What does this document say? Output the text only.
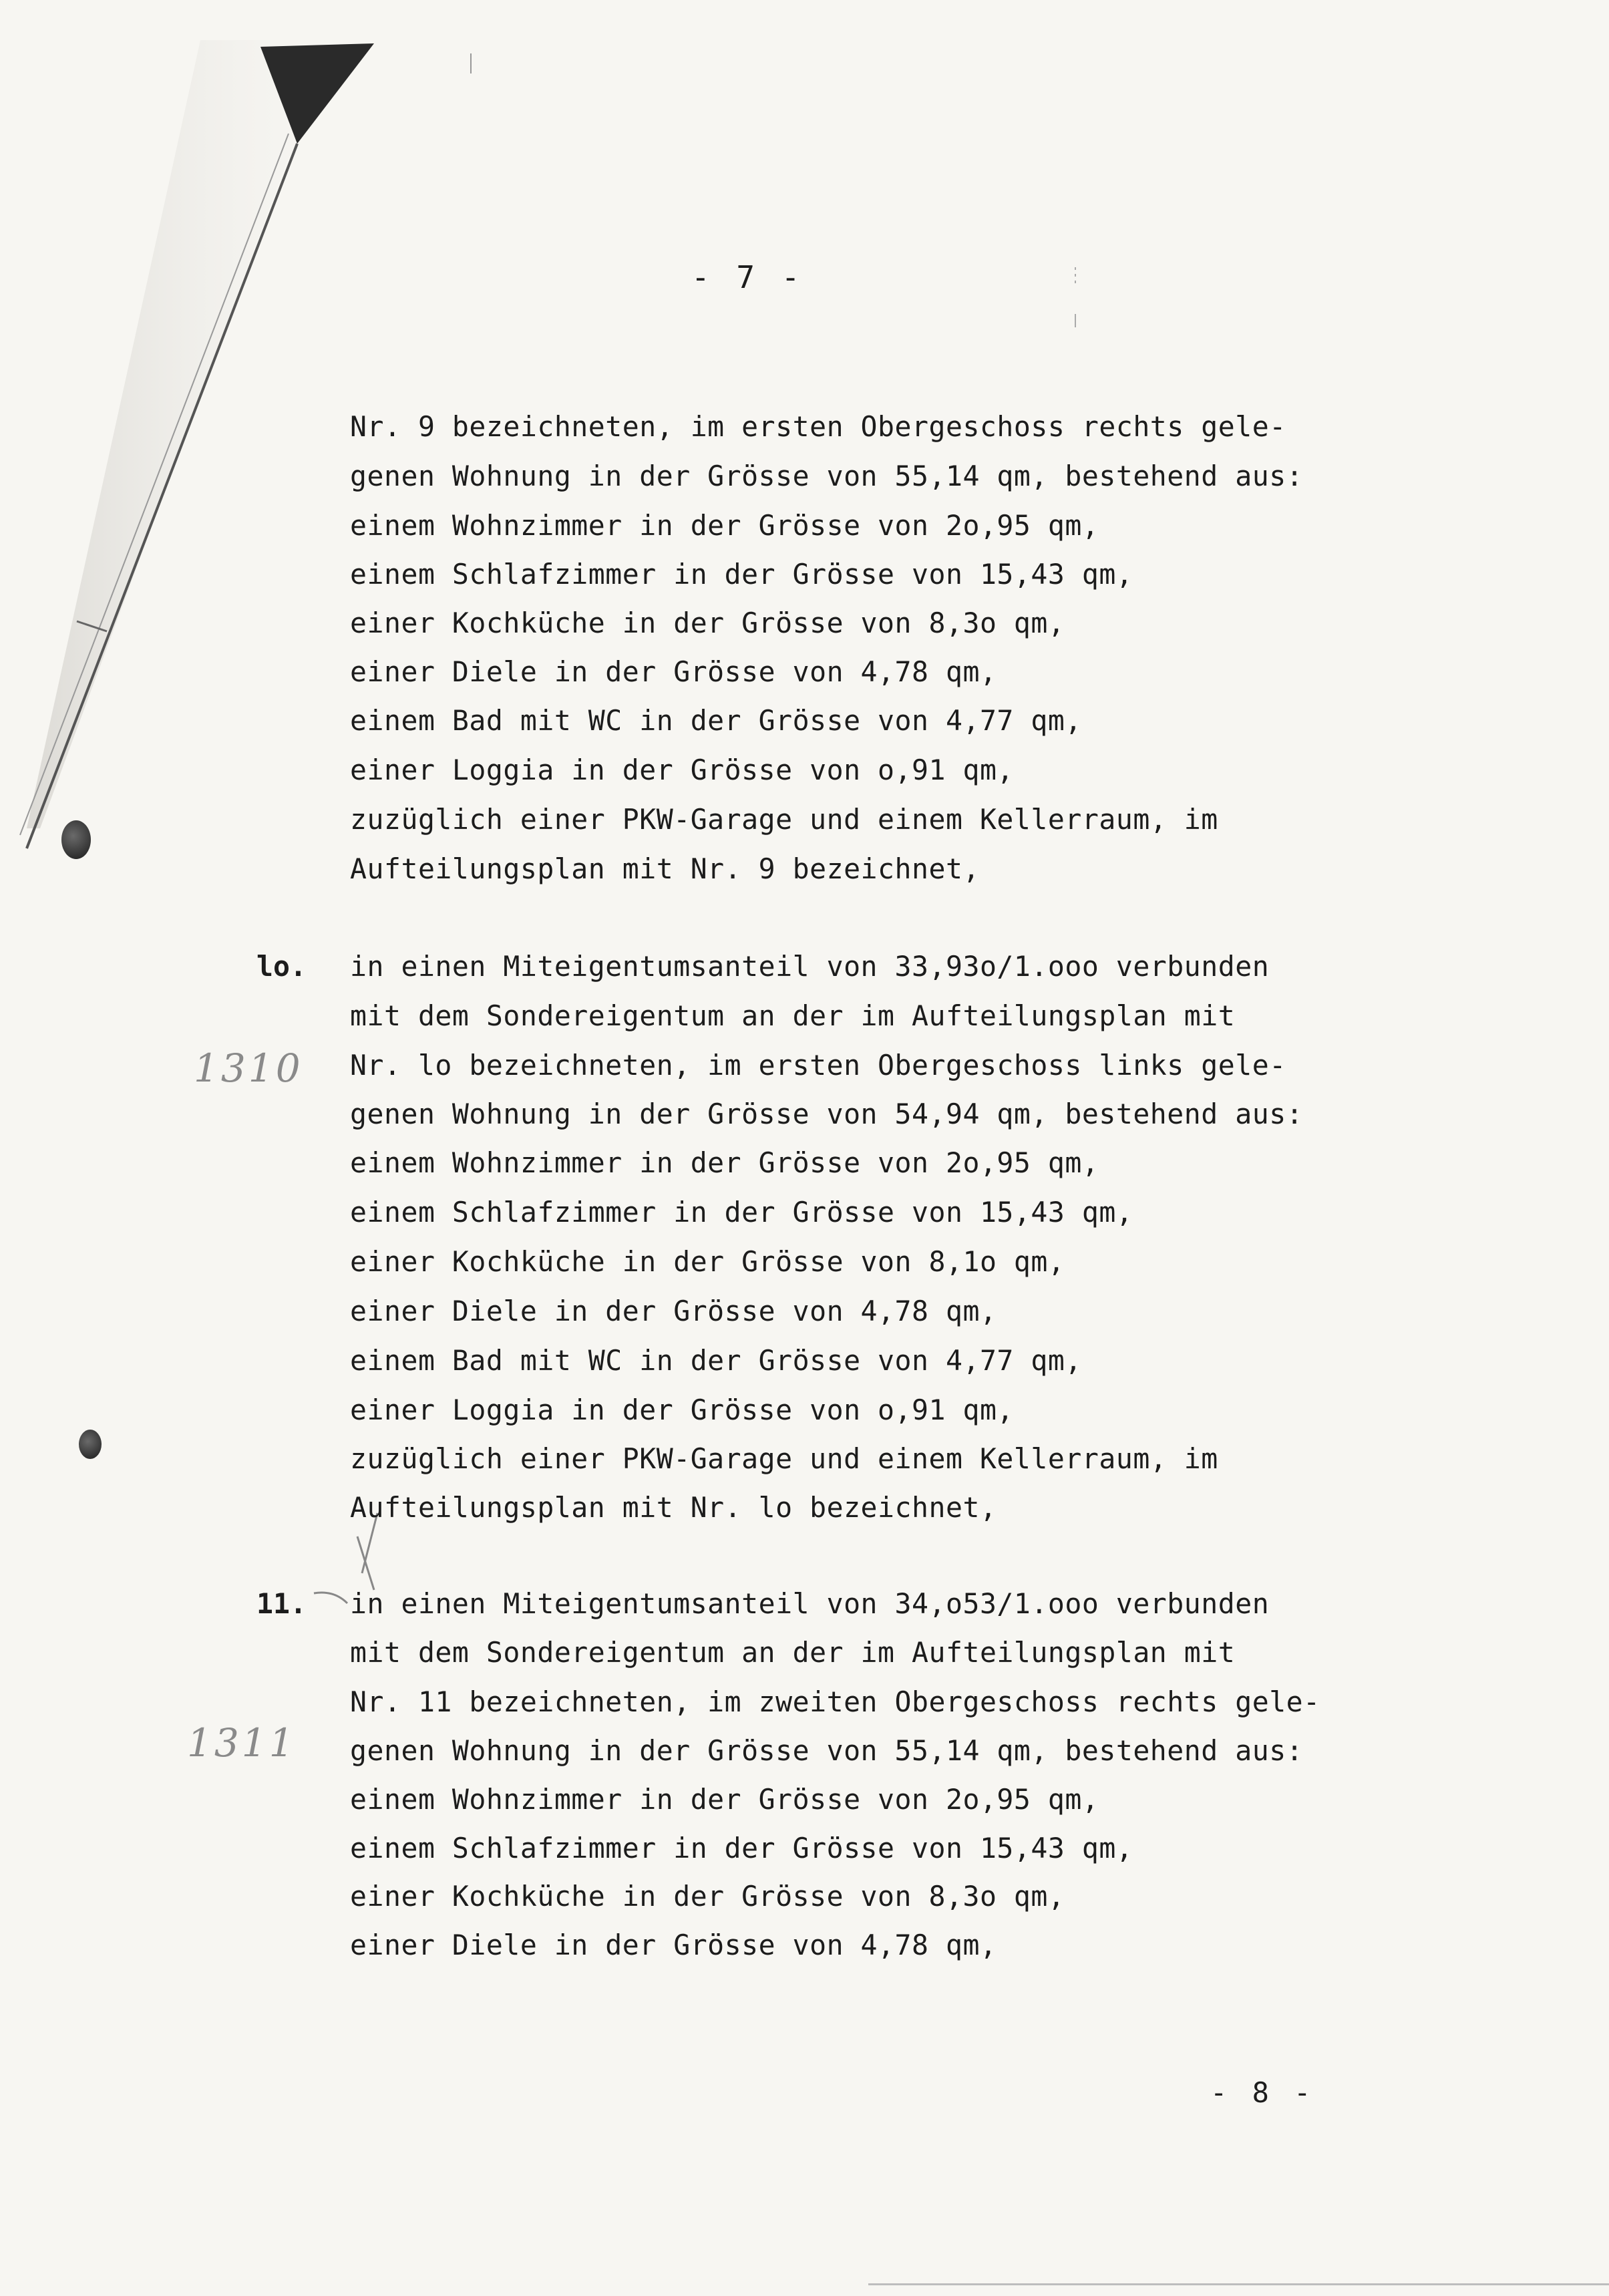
- 7 -
Nr. 9 bezeichneten, im ersten Obergeschoss rechts gele-
genen Wohnung in der Grösse von 55,14 qm, bestehend aus:
einem Wohnzimmer in der Grösse von 2o,95 qm,
einem Schlafzimmer in der Grösse von 15,43 qm,
einer Kochküche in der Grösse von 8,3o qm,
einer Diele in der Grösse von 4,78 qm,
einem Bad mit WC in der Grösse von 4,77 qm,
einer Loggia in der Grösse von o,91 qm,
zuzüglich einer PKW-Garage und einem Kellerraum, im
Aufteilungsplan mit Nr. 9 bezeichnet,
lo.
1310
in einen Miteigentumsanteil von 33,93o/1.ooo verbunden
mit dem Sondereigentum an der im Aufteilungsplan mit
Nr. lo bezeichneten, im ersten Obergeschoss links gele-
genen Wohnung in der Grösse von 54,94 qm, bestehend aus:
einem Wohnzimmer in der Grösse von 2o,95 qm,
einem Schlafzimmer in der Grösse von 15,43 qm,
einer Kochküche in der Grösse von 8,1o qm,
einer Diele in der Grösse von 4,78 qm,
einem Bad mit WC in der Grösse von 4,77 qm,
einer Loggia in der Grösse von o,91 qm,
zuzüglich einer PKW-Garage und einem Kellerraum, im
Aufteilungsplan mit Nr. lo bezeichnet,
11.
1311
in einen Miteigentumsanteil von 34,o53/1.ooo verbunden
mit dem Sondereigentum an der im Aufteilungsplan mit
Nr. 11 bezeichneten, im zweiten Obergeschoss rechts gele-
genen Wohnung in der Grösse von 55,14 qm, bestehend aus:
einem Wohnzimmer in der Grösse von 2o,95 qm,
einem Schlafzimmer in der Grösse von 15,43 qm,
einer Kochküche in der Grösse von 8,3o qm,
einer Diele in der Grösse von 4,78 qm,
- 8 -
